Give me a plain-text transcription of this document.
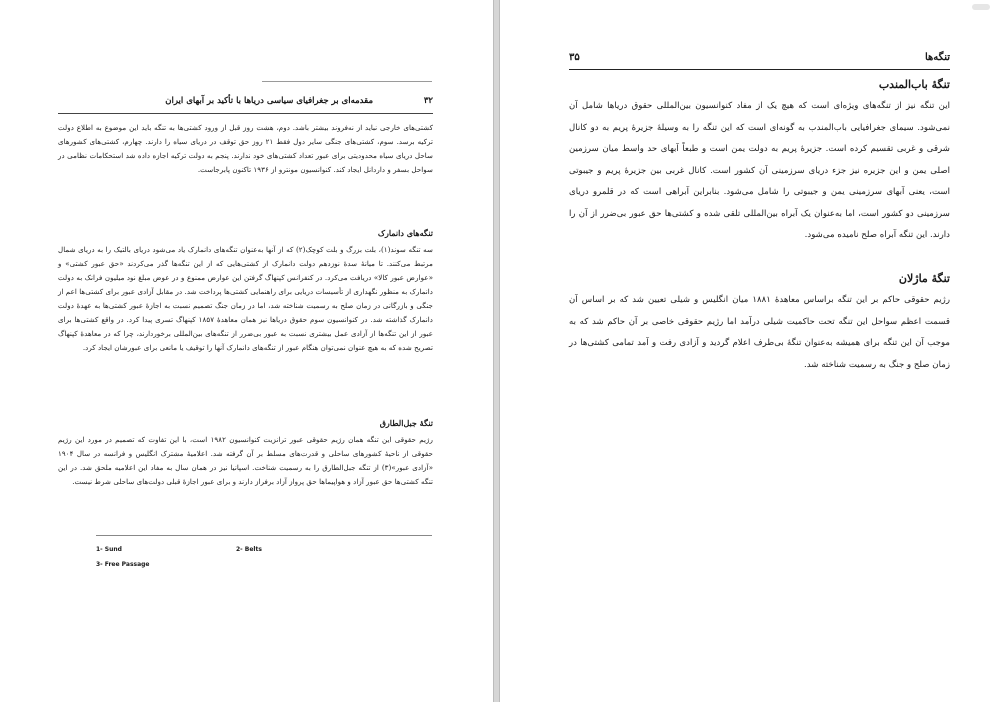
مقدمه‌ای بر جغرافیای سیاسی دریاها با تأکید بر آبهای ایران	۳۲

کشتی‌های خارجی نباید از نه‌فروند بیشتر باشد. دوم، هشت روز قبل از ورود کشتی‌ها به تنگه باید این موضوع به اطلاع دولت ترکیه برسد. سوم، کشتی‌های جنگی سایر دول فقط ۲۱ روز حق توقف در دریای سیاه را دارند. چهارم، کشتی‌های کشورهای ساحل دریای سیاه محدودیتی برای عبور تعداد کشتی‌های خود ندارند. پنجم به دولت ترکیه اجازه داده شد استحکامات نظامی در سواحل بسفر و داردانل ایجاد کند. کنوانسیون مونترو از ۱۹۳۶ تاکنون پابرجاست.

تنگه‌های دانمارک

سه تنگه سوند(۱)، بلت بزرگ و بلت کوچک(۲) که از آنها به‌عنوان تنگه‌های دانمارک یاد می‌شود دریای بالتیک را به دریای شمال مرتبط می‌کنند. تا میانهٔ سدهٔ نوزدهم دولت دانمارک از کشتی‌هایی که از این تنگه‌ها گذر می‌کردند «حق عبور کشتی» و «عوارض عبور کالا» دریافت می‌کرد. در کنفرانس کپنهاگ گرفتن این عوارض ممنوع و در عوض مبلغ نود میلیون فرانک به دولت دانمارک به منظور نگهداری از تأسیسات دریایی برای راهنمایی کشتی‌ها پرداخت شد. در مقابل آزادی عبور برای کشتی‌ها اعم از جنگی و بازرگانی در زمان صلح به رسمیت شناخته شد، اما در زمان جنگ تصمیم نسبت به اجازهٔ عبور کشتی‌ها به عهدهٔ دولت دانمارک گذاشته شد. در کنوانسیون سوم حقوق دریاها نیز همان معاهدهٔ ۱۸۵۷ کپنهاگ تسری پیدا کرد. در واقع کشتی‌ها برای عبور از این تنگه‌ها از آزادی عمل بیشتری نسبت به عبور بی‌ضرر از تنگه‌های بین‌المللی برخوردارند، چرا که در معاهدهٔ کپنهاگ تصریح شده که به هیچ عنوان نمی‌توان هنگام عبور از تنگه‌های دانمارک آنها را توقیف یا مانعی برای عبورشان ایجاد کرد.

تنگهٔ جبل‌الطارق

رژیم حقوقی این تنگه همان رژیم حقوقی عبور ترانزیت کنوانسیون ۱۹۸۲ است، با این تفاوت که تصمیم در مورد این رژیم حقوقی از ناحیهٔ کشورهای ساحلی و قدرت‌های مسلط بر آن گرفته شد. اعلامیهٔ مشترک انگلیس و فرانسه در سال ۱۹۰۴ «آزادی عبور»(۳) از تنگه جبل‌الطارق را به رسمیت شناخت. اسپانیا نیز در همان سال به مفاد این اعلامیه ملحق شد. در این تنگه کشتی‌ها حق عبور آزاد و هواپیماها حق پرواز آزاد برفراز دارند و برای عبور اجازهٔ قبلی دولت‌های ساحلی شرط نیست.

1- Sund	2- Belts
3- Free Passage
۳۵	تنگه‌ها
تنگهٔ باب‌المندب

این تنگه نیز از تنگه‌های ویژه‌ای است که هیچ یک از مفاد کنوانسیون بین‌المللی حقوق دریاها شامل آن نمی‌شود. سیمای جغرافیایی باب‌المندب به گونه‌ای است که این تنگه را به وسیلهٔ جزیرهٔ پریم به دو کانال شرقی و غربی تقسیم کرده است. جزیرهٔ پریم به دولت یمن است و طبعاً آبهای حد واسط میان سرزمین اصلی یمن و این جزیره نیز جزء دریای سرزمینی آن کشور است. کانال غربی بین جزیرهٔ پریم و جیبوتی است، یعنی آبهای سرزمینی یمن و جیبوتی را شامل می‌شود. بنابراین آبراهی است که در قلمرو دریای سرزمینی دو کشور است، اما به‌عنوان یک آبراه بین‌المللی تلقی شده و کشتی‌ها حق عبور بی‌ضرر از آن را دارند. این تنگه آبراه صلح نامیده می‌شود.

تنگهٔ ماژلان

رژیم حقوقی حاکم بر این تنگه براساس معاهدهٔ ۱۸۸۱ میان انگلیس و شیلی تعیین شد که بر اساس آن قسمت اعظم سواحل این تنگه تحت حاکمیت شیلی درآمد اما رژیم حقوقی خاصی بر آن حاکم شد که به موجب آن این تنگه برای همیشه به‌عنوان تنگهٔ بی‌طرف اعلام گردید و آزادی رفت و آمد تمامی کشتی‌ها در زمان صلح و جنگ به رسمیت شناخته شد.
